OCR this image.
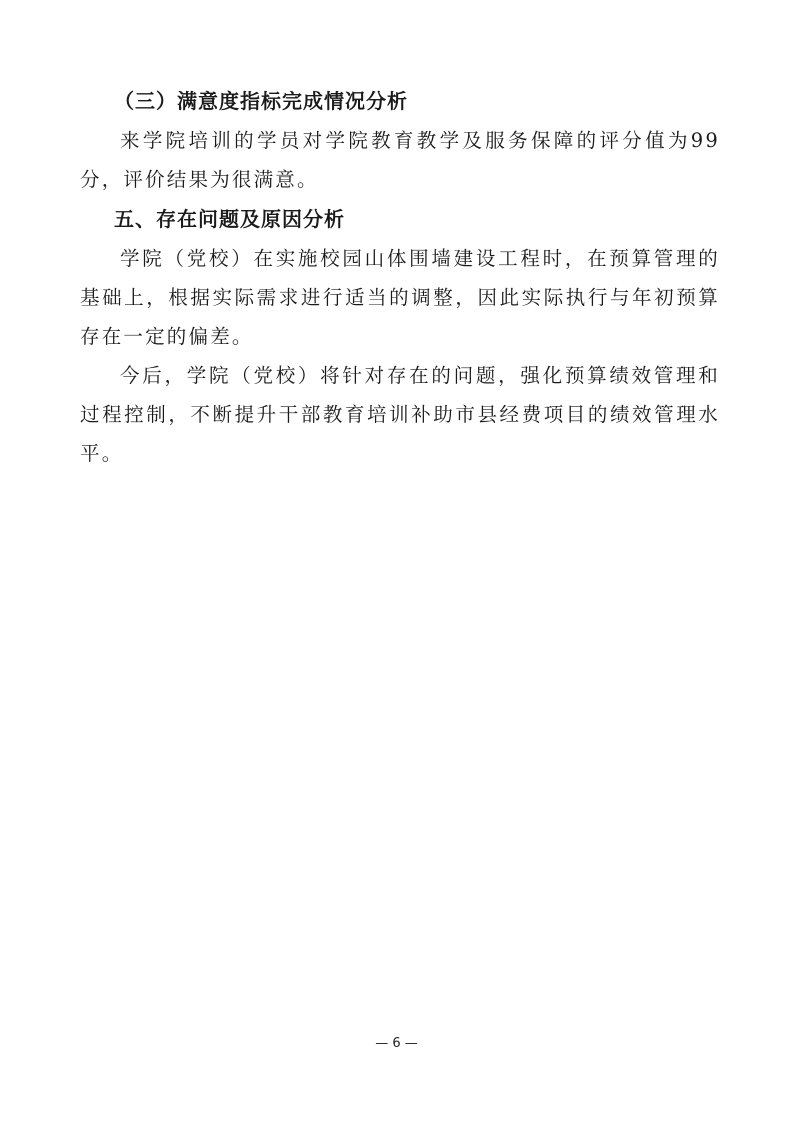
（三）满意度指标完成情况分析

来学院培训的学员对学院教育教学及服务保障的评分值为99分，评价结果为很满意。

五、存在问题及原因分析

学院（党校）在实施校园山体围墙建设工程时，在预算管理的基础上，根据实际需求进行适当的调整，因此实际执行与年初预算存在一定的偏差。

今后，学院（党校）将针对存在的问题，强化预算绩效管理和过程控制，不断提升干部教育培训补助市县经费项目的绩效管理水平。

— 6 —
